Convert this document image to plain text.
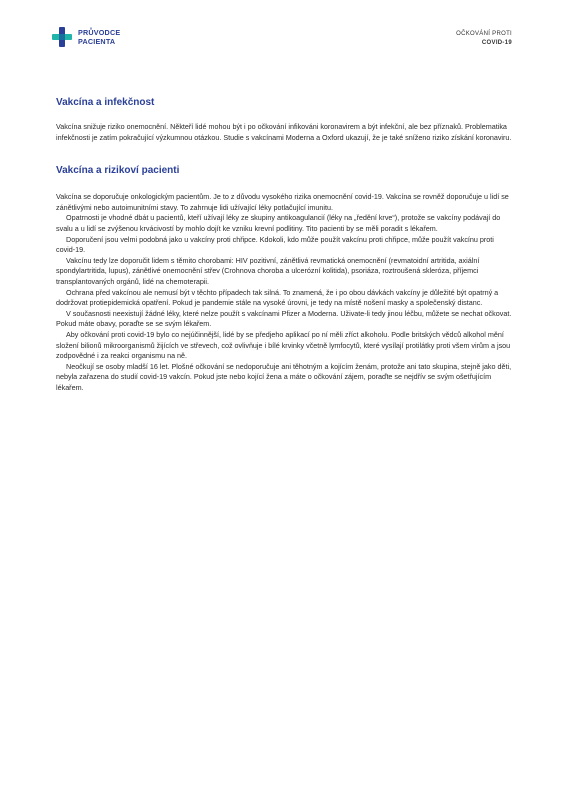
PRŮVODCE
PACIENTA
OČKOVÁNÍ PROTI
COVID-19
Vakcína a infekčnost

Vakcína snižuje riziko onemocnění. Někteří lidé mohou být i po očkování infikováni koronavirem a být infekční, ale bez příznaků. Problematika infekčnosti je zatím pokračující výzkumnou otázkou. Studie s vakcínami Moderna a Oxford ukazují, že je také sníženo riziko získání koronaviru.

Vakcína a rizikoví pacienti

Vakcína se doporučuje onkologickým pacientům. Je to z důvodu vysokého rizika onemocnění covid-19. Vakcína se rovněž doporučuje u lidí se zánětlivými nebo autoimunitními stavy. To zahrnuje lidi užívající léky potlačující imunitu.

Opatrnosti je vhodné dbát u pacientů, kteří užívají léky ze skupiny antikoagulancií (léky na „ředění krve“), protože se vakcíny podávají do svalu a u lidí se zvýšenou krvácivostí by mohlo dojít ke vzniku krevní podlitiny. Tito pacienti by se měli poradit s lékařem.

Doporučení jsou velmi podobná jako u vakcíny proti chřipce. Kdokoli, kdo může použít vakcínu proti chřipce, může použít vakcínu proti covid-19.

Vakcínu tedy lze doporučit lidem s těmito chorobami: HIV pozitivní, zánětlivá revmatická onemocnění (revmatoidní artritida, axiální spondylartritida, lupus), zánětlivé onemocnění střev (Crohnova choroba a ulcerózní kolitida), psoriáza, roztroušená skleróza, příjemci transplantovaných orgánů, lidé na chemoterapii.

Ochrana před vakcínou ale nemusí být v těchto případech tak silná. To znamená, že i po obou dávkách vakcíny je důležité být opatrný a dodržovat protiepidemická opatření. Pokud je pandemie stále na vysoké úrovni, je tedy na místě nošení masky a společenský distanc.

V současnosti neexistují žádné léky, které nelze použít s vakcínami Pfizer a Moderna. Uživate-li tedy jinou léčbu, můžete se nechat očkovat. Pokud máte obavy, poraďte se se svým lékařem.

Aby očkování proti covid-19 bylo co nejúčinnější, lidé by se předjeho aplikací po ní měli zříct alkoholu. Podle britských vědců alkohol mění složení bilionů mikroorganismů žijících ve střevech, což ovlivňuje i bílé krvinky včetně lymfocytů, které vysílají protilátky proti všem virům a jsou zodpovědné i za reakci organismu na ně.

Neočkují se osoby mladší 16 let. Plošné očkování se nedoporučuje ani těhotným a kojícím ženám, protože ani tato skupina, stejně jako děti, nebyla zařazena do studií covid-19 vakcín. Pokud jste nebo kojící žena a máte o očkování zájem, poraďte se nejdřív se svým ošetřujícím lékařem.
